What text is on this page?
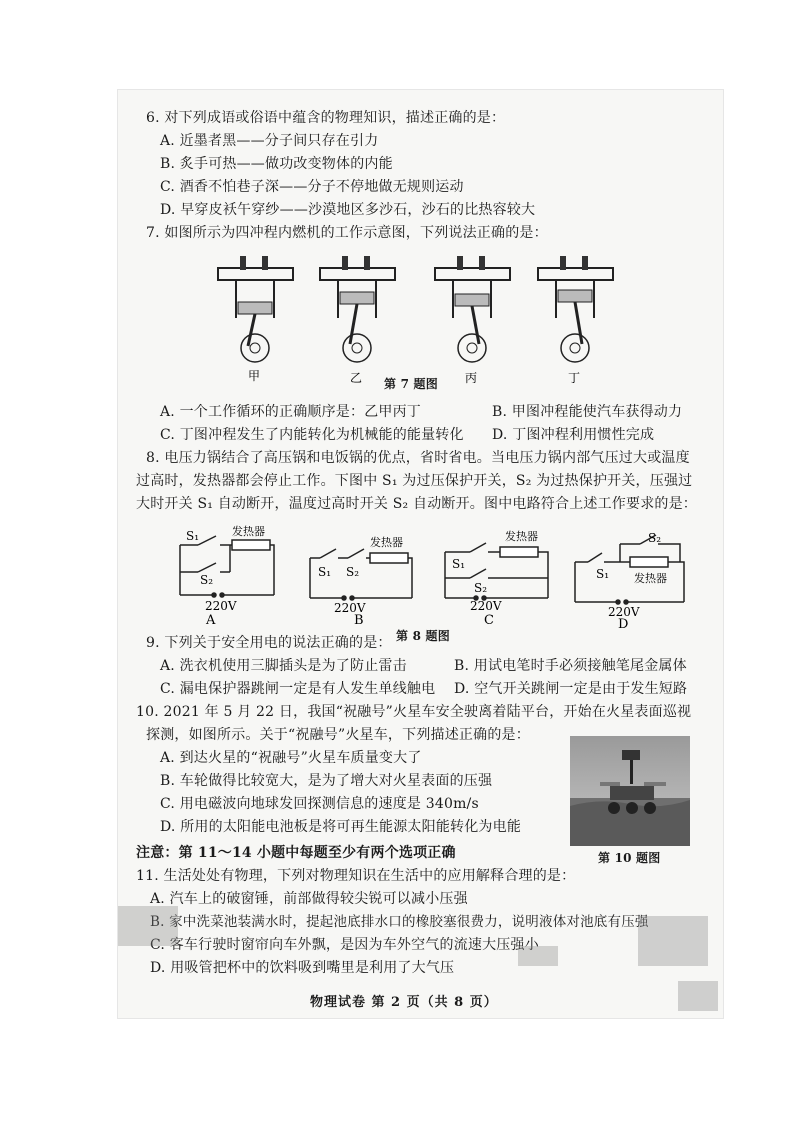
6. 对下列成语或俗语中蕴含的物理知识，描述正确的是：
A. 近墨者黑——分子间只存在引力
B. 炙手可热——做功改变物体的内能
C. 酒香不怕巷子深——分子不停地做无规则运动
D. 早穿皮袄午穿纱——沙漠地区多沙石，沙石的比热容较大
7. 如图所示为四冲程内燃机的工作示意图，下列说法正确的是：
甲	乙	丙	丁
第 7 题图
A. 一个工作循环的正确顺序是：乙甲丙丁	B. 甲图冲程能使汽车获得动力
C. 丁图冲程发生了内能转化为机械能的能量转化 D. 丁图冲程利用惯性完成
8. 电压力锅结合了高压锅和电饭锅的优点，省时省电。当电压力锅内部气压过大或温度
过高时，发热器都会停止工作。下图中 S₁ 为过压保护开关，S₂ 为过热保护开关，压强过
大时开关 S₁ 自动断开，温度过高时开关 S₂ 自动断开。图中电路符合上述工作要求的是：
S₁
S₂
发热器
220V
A
S₁ S₂
发热器
220V
B
S₁
S₂
发热器
220V
C
S₁
S₂
发热器
220V
D
第 8 题图
9. 下列关于安全用电的说法正确的是：
A. 洗衣机使用三脚插头是为了防止雷击	B. 用试电笔时手必须接触笔尾金属体
C. 漏电保护器跳闸一定是有人发生单线触电 D. 空气开关跳闸一定是由于发生短路
10. 2021 年 5 月 22 日，我国“祝融号”火星车安全驶离着陆平台，开始在火星表面巡视
探测，如图所示。关于“祝融号”火星车，下列描述正确的是：
A. 到达火星的“祝融号”火星车质量变大了
B. 车轮做得比较宽大，是为了增大对火星表面的压强
C. 用电磁波向地球发回探测信息的速度是 340m/s
D. 所用的太阳能电池板是将可再生能源太阳能转化为电能
第 10 题图
注意：第 11～14 小题中每题至少有两个选项正确
11. 生活处处有物理，下列对物理知识在生活中的应用解释合理的是：
A. 汽车上的破窗锤，前部做得较尖锐可以减小压强
B. 家中洗菜池装满水时，提起池底排水口的橡胶塞很费力，说明液体对池底有压强
C. 客车行驶时窗帘向车外飘，是因为车外空气的流速大压强小
D. 用吸管把杯中的饮料吸到嘴里是利用了大气压
物理试卷 第 2 页（共 8 页）
